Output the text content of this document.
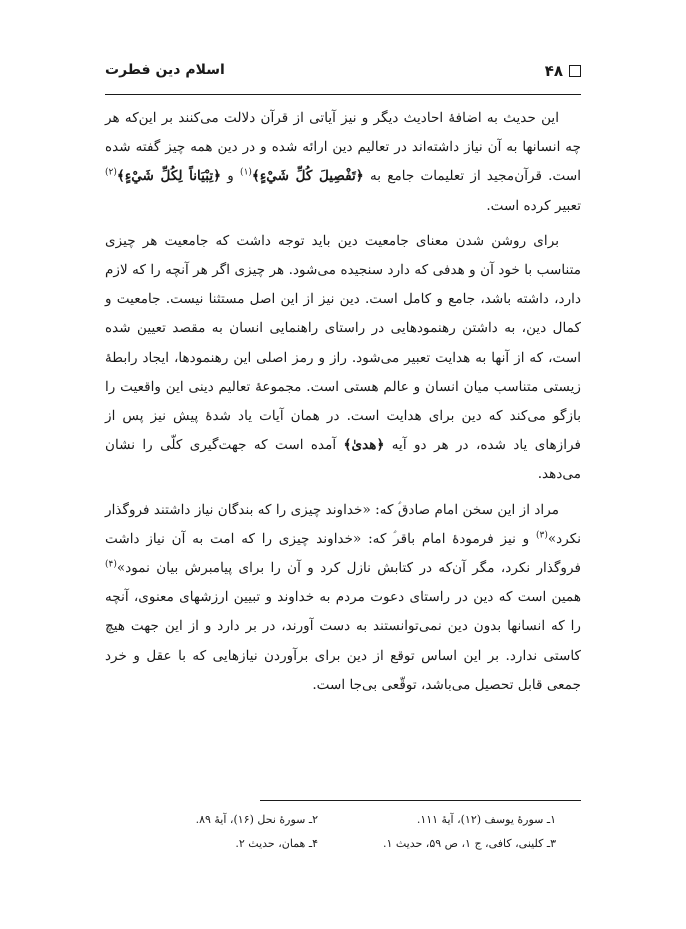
۴۸
اسلام دین فطرت

این حدیث به اضافهٔ احادیث دیگر و نیز آیاتی از قرآن دلالت می‌کنند بر این‌که هر چه انسانها به آن نیاز داشته‌اند در تعالیم دین ارائه شده و در دین همه چیز گفته شده است. قرآن‌مجید از تعلیمات جامع به ﴿تَفْصِيلَ كُلِّ شَيْءٍ﴾$^{(۱)}$ و ﴿تِبْيَاناً لِكُلِّ شَيْءٍ﴾$^{(۲)}$ تعبیر کرده است.

برای روشن شدن معنای جامعیت دین باید توجه داشت که جامعیت هر چیزی متناسب با خود آن و هدفی که دارد سنجیده می‌شود. هر چیزی اگر هر آنچه را که لازم دارد، داشته باشد، جامع و کامل است. دین نیز از این اصل مستثنا نیست. جامعیت و کمال دین، به داشتن رهنمودهایی در راستای راهنمایی انسان به مقصد تعیین شده است، که از آنها به هدایت تعبیر می‌شود. راز و رمز اصلی این رهنمودها، ایجاد رابطهٔ زیستی متناسب میان انسان و عالم هستی است. مجموعهٔ تعالیم دینی این واقعیت را بازگو می‌کند که دین برای هدایت است. در همان آیات یاد شدهٔ پیش نیز پس از فرازهای یاد شده، در هر دو آیه ﴿هدیٰ﴾ آمده است که جهت‌گیری کلّی را نشان می‌دهد.

مراد از این سخن امام صادق‌ؑ که: «خداوند چیزی را که بندگان نیاز داشتند فروگذار نکرد»$^{(۳)}$ و نیز فرمودهٔ امام باقر‌ؑ که: «خداوند چیزی را که امت به آن نیاز داشت فروگذار نکرد، مگر آن‌که در کتابش نازل کرد و آن را برای پیامبرش بیان نمود»$^{(۴)}$ همین است که دین در راستای دعوت مردم به خداوند و تبیین ارزشهای معنوی، آنچه را که انسانها بدون دین نمی‌توانستند به دست آورند، در بر دارد و از این جهت هیچ کاستی ندارد. بر این اساس توقع از دین برای برآوردن نیازهایی که با عقل و خرد جمعی قابل تحصیل می‌باشد، توقّعی بی‌جا است.

۱ـ سورهٔ یوسف (۱۲)، آیهٔ ۱۱۱.
۲ـ سورهٔ نحل (۱۶)، آیهٔ ۸۹.
۳ـ کلینی، کافی، ج ۱، ص ۵۹، حدیث ۱.
۴ـ همان، حدیث ۲.
